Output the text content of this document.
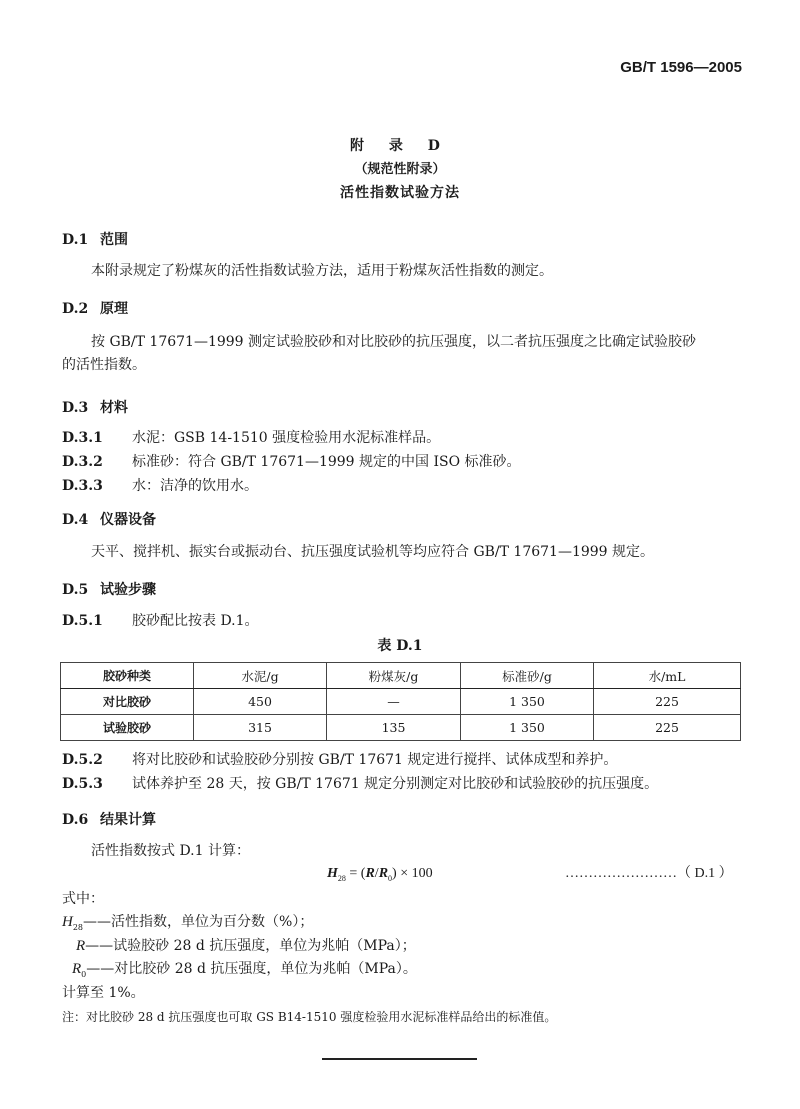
GB/T 1596—2005
附 录 D
（规范性附录）
活性指数试验方法
D.1 范围
本附录规定了粉煤灰的活性指数试验方法，适用于粉煤灰活性指数的测定。
D.2 原理
按 GB/T 17671—1999 测定试验胶砂和对比胶砂的抗压强度，以二者抗压强度之比确定试验胶砂
的活性指数。
D.3 材料
D.3.1 水泥：GSB 14-1510 强度检验用水泥标准样品。
D.3.2 标准砂：符合 GB/T 17671—1999 规定的中国 ISO 标准砂。
D.3.3 水：洁净的饮用水。
D.4 仪器设备
天平、搅拌机、振实台或振动台、抗压强度试验机等均应符合 GB/T 17671—1999 规定。
D.5 试验步骤
D.5.1 胶砂配比按表 D.1。
表 D.1
胶砂种类	水泥/g	粉煤灰/g	标准砂/g	水/mL
对比胶砂	450	—	1 350	225
试验胶砂	315	135	1 350	225
D.5.2 将对比胶砂和试验胶砂分别按 GB/T 17671 规定进行搅拌、试体成型和养护。
D.5.3 试体养护至 28 天，按 GB/T 17671 规定分别测定对比胶砂和试验胶砂的抗压强度。
D.6 结果计算
活性指数按式 D.1 计算：
$H_{28} = (R/R_0) \times 100$	……………………（ D.1 ）
式中：
$H_{28}——$活性指数，单位为百分数（%）；
R——试验胶砂 28 d 抗压强度，单位为兆帕（MPa）；
$R_0——$对比胶砂 28 d 抗压强度，单位为兆帕（MPa）。
计算至 1%。
注：对比胶砂 28 d 抗压强度也可取 GS B14-1510 强度检验用水泥标准样品给出的标准值。
